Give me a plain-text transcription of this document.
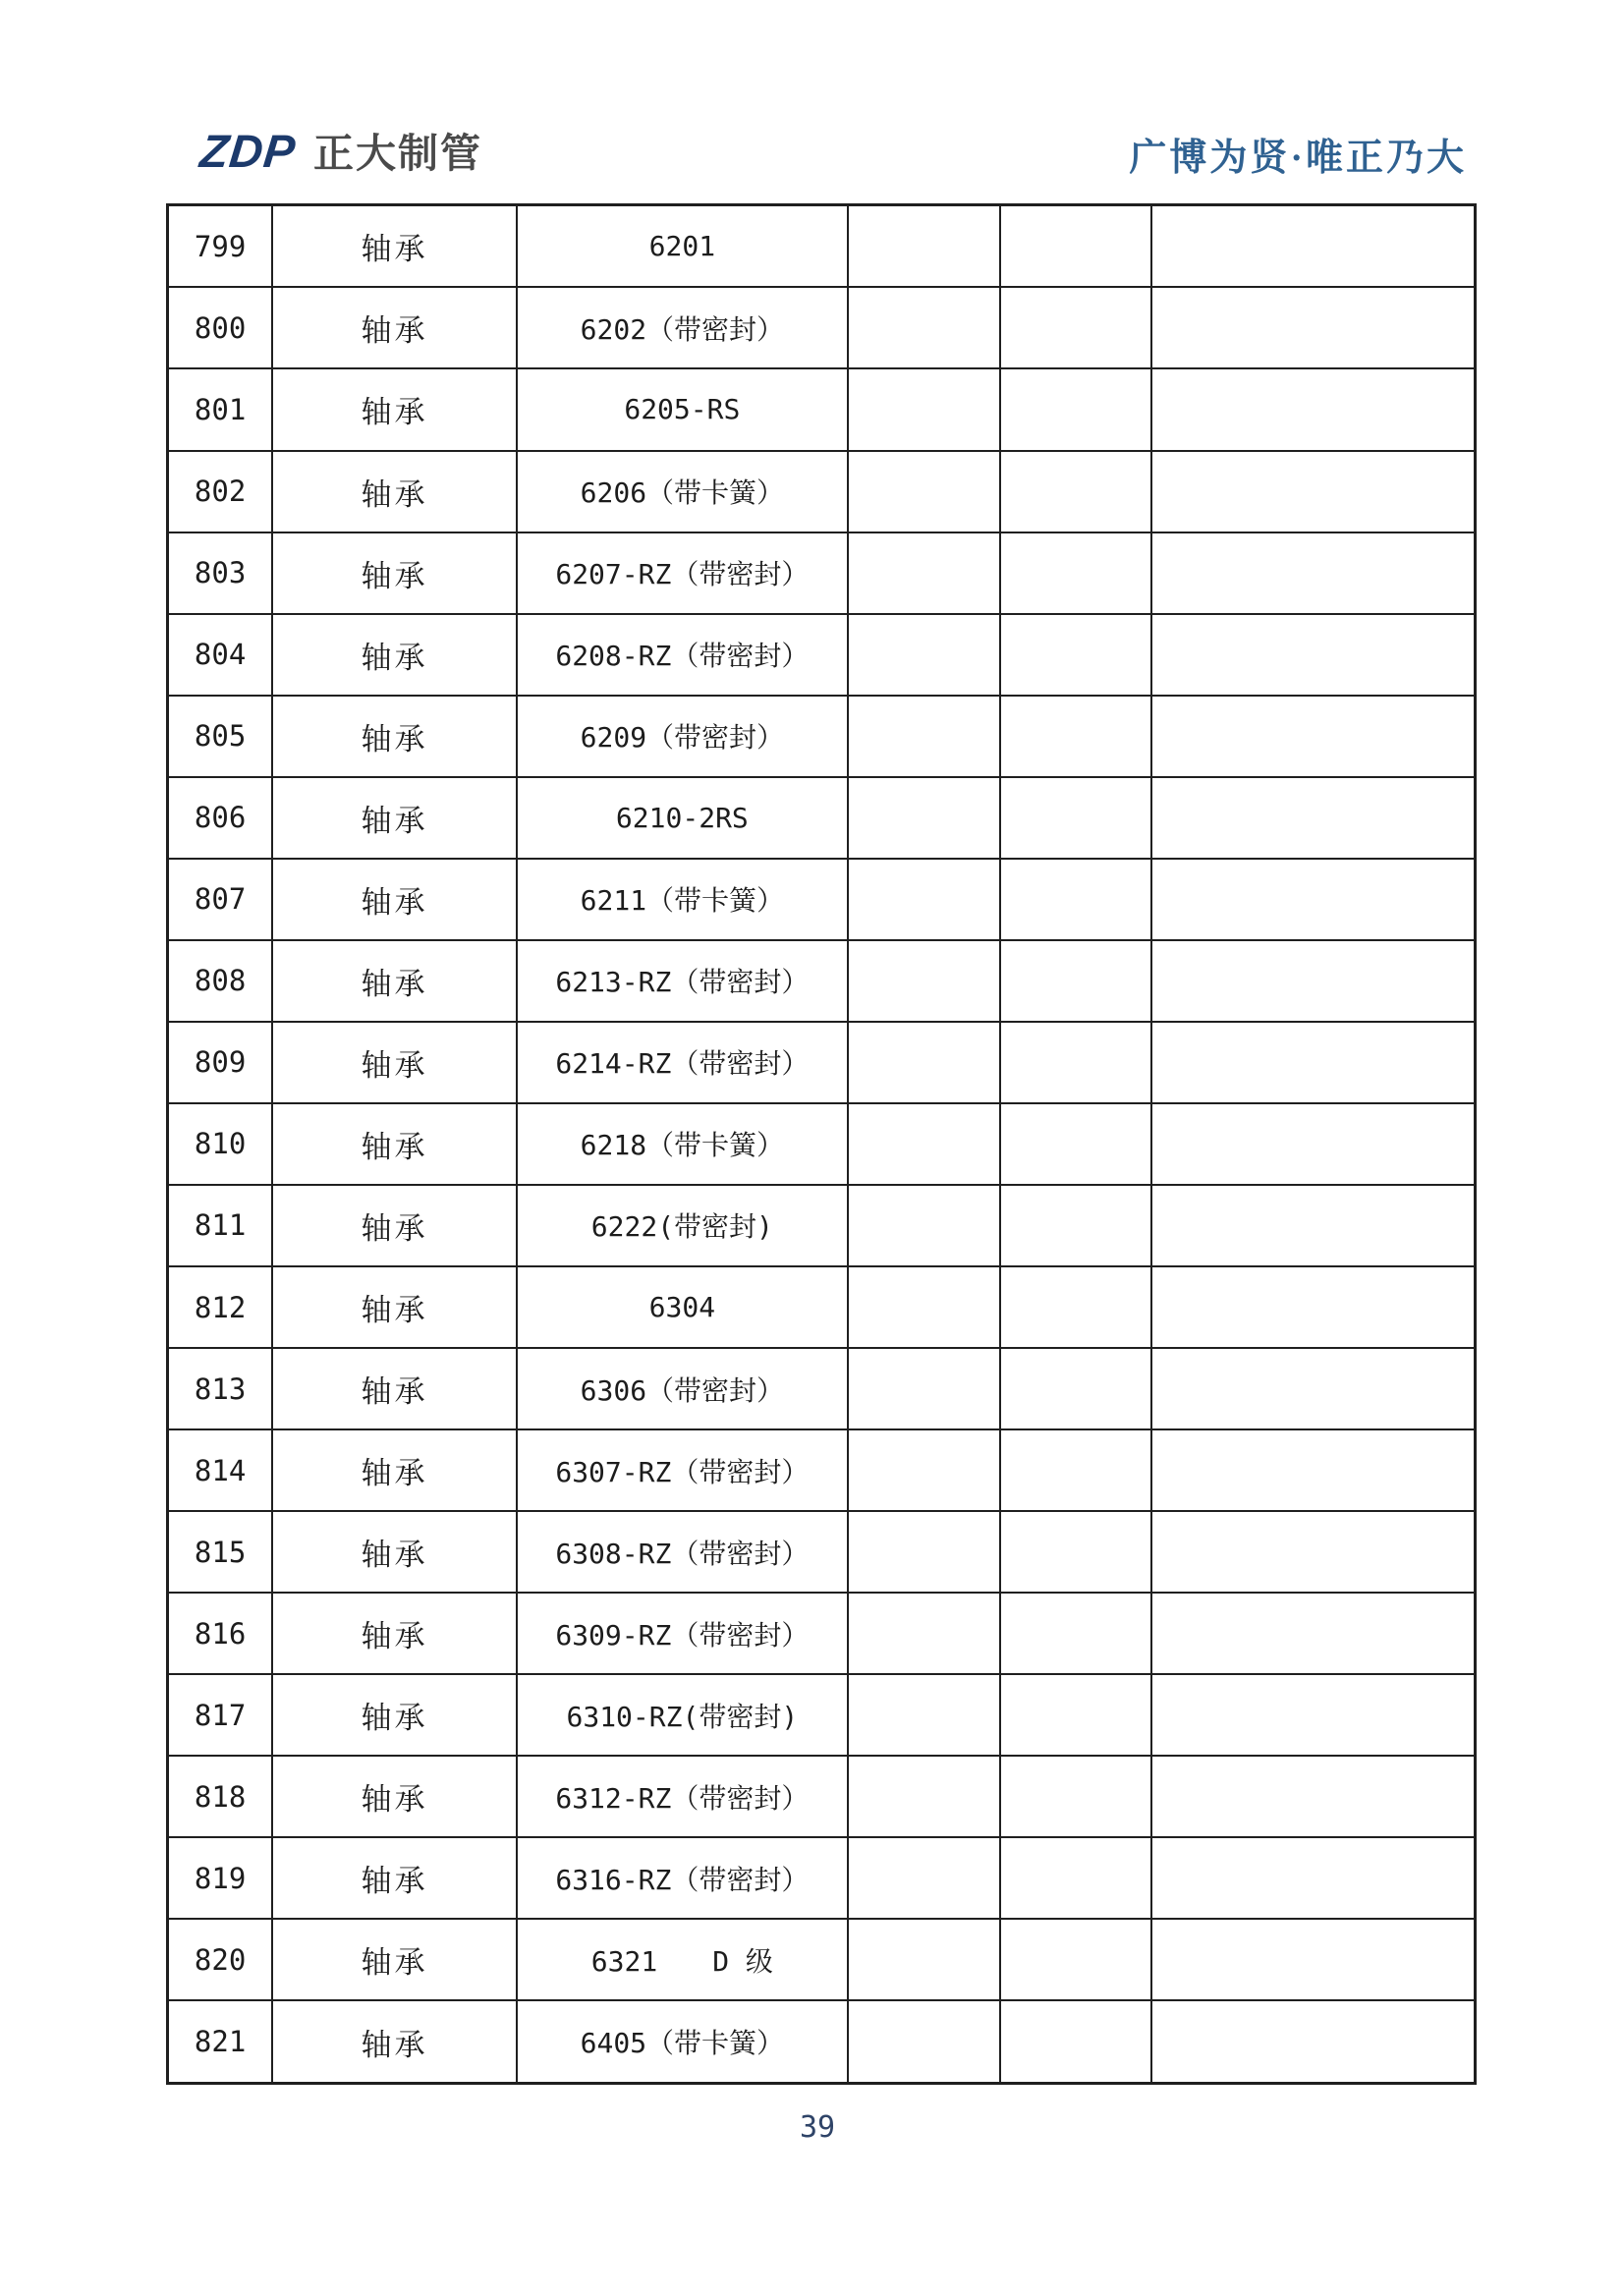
ZDP 正大制管	广博为贤·唯正乃大
799	轴承	6201			
800	轴承	6202（带密封）			
801	轴承	6205-RS			
802	轴承	6206（带卡簧）			
803	轴承	6207-RZ（带密封）			
804	轴承	6208-RZ（带密封）			
805	轴承	6209（带密封）			
806	轴承	6210-2RS			
807	轴承	6211（带卡簧）			
808	轴承	6213-RZ（带密封）			
809	轴承	6214-RZ（带密封）			
810	轴承	6218（带卡簧）			
811	轴承	6222(带密封)			
812	轴承	6304			
813	轴承	6306（带密封）			
814	轴承	6307-RZ（带密封）			
815	轴承	6308-RZ（带密封）			
816	轴承	6309-RZ（带密封）			
817	轴承	6310-RZ(带密封)			
818	轴承	6312-RZ（带密封）			
819	轴承	6316-RZ（带密封）			
820	轴承	6321　　D 级			
821	轴承	6405（带卡簧）			
39
